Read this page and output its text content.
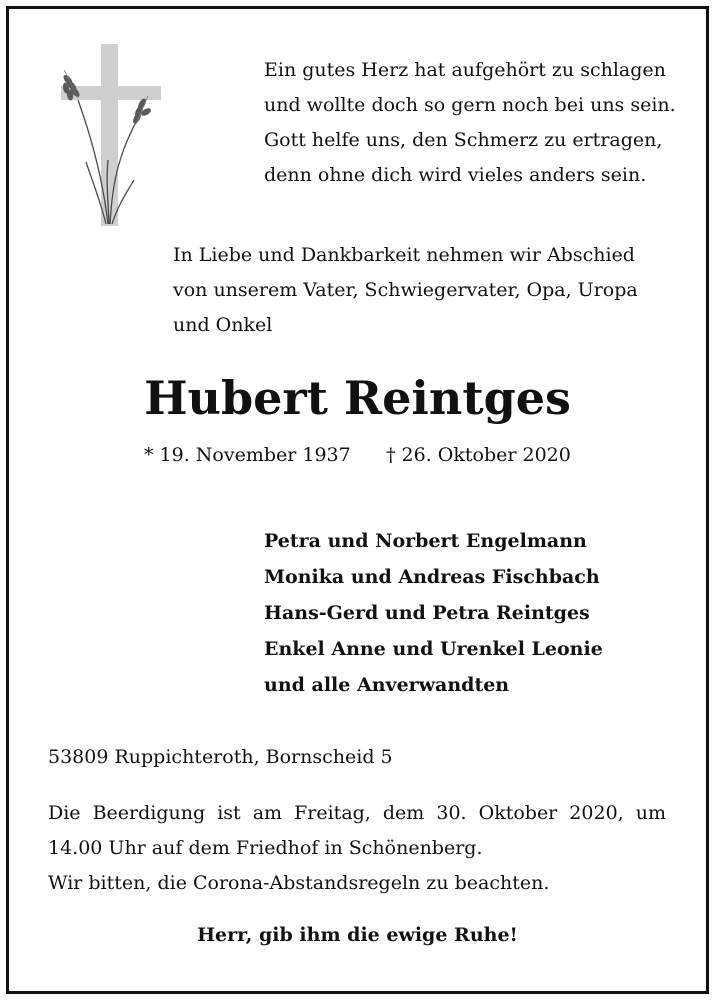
Ein gutes Herz hat aufgehört zu schlagen
und wollte doch so gern noch bei uns sein.
Gott helfe uns, den Schmerz zu ertragen,
denn ohne dich wird vieles anders sein.
In Liebe und Dankbarkeit nehmen wir Abschied
von unserem Vater, Schwiegervater, Opa, Uropa
und Onkel
Hubert Reintges
* 19. November 1937 † 26. Oktober 2020
Petra und Norbert Engelmann
Monika und Andreas Fischbach
Hans-Gerd und Petra Reintges
Enkel Anne und Urenkel Leonie
und alle Anverwandten
53809 Ruppichteroth, Bornscheid 5
Die Beerdigung ist am Freitag, dem 30. Oktober 2020, um 14.00 Uhr auf dem Friedhof in Schönenberg.
Wir bitten, die Corona-Abstandsregeln zu beachten.
Herr, gib ihm die ewige Ruhe!
